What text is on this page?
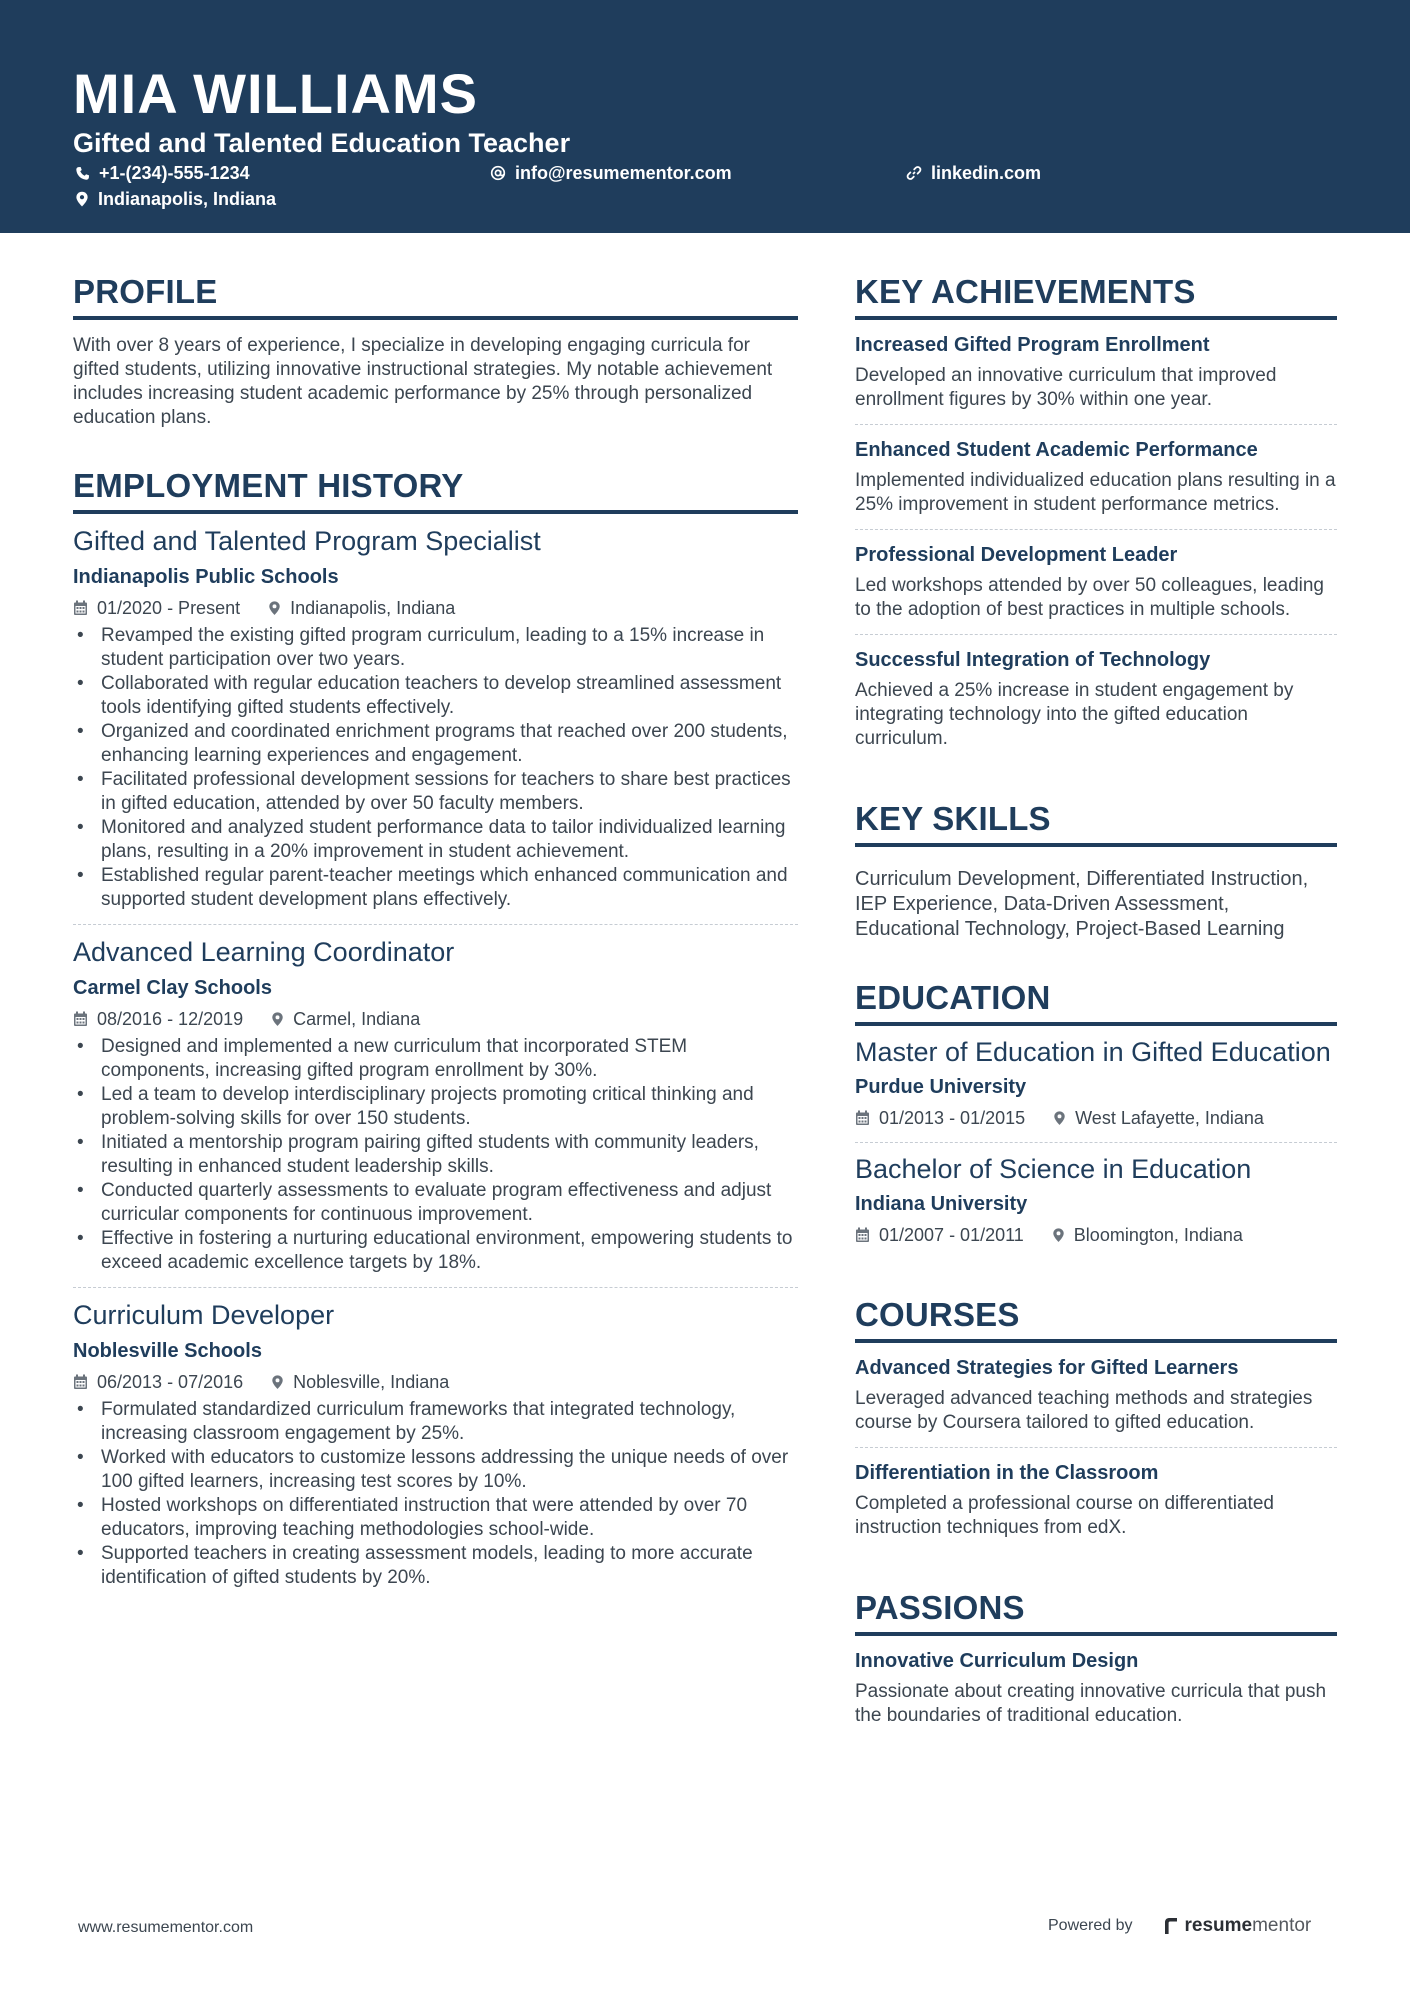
MIA WILLIAMS
Gifted and Talented Education Teacher
+1-(234)-555-1234	info@resumementor.com	linkedin.com
Indianapolis, Indiana
PROFILE
With over 8 years of experience, I specialize in developing engaging curricula for gifted students, utilizing innovative instructional strategies. My notable achievement includes increasing student academic performance by 25% through personalized education plans.
EMPLOYMENT HISTORY
Gifted and Talented Program Specialist
Indianapolis Public Schools
01/2020 - Present	Indianapolis, Indiana
• Revamped the existing gifted program curriculum, leading to a 15% increase in student participation over two years.
• Collaborated with regular education teachers to develop streamlined assessment tools identifying gifted students effectively.
• Organized and coordinated enrichment programs that reached over 200 students, enhancing learning experiences and engagement.
• Facilitated professional development sessions for teachers to share best practices in gifted education, attended by over 50 faculty members.
• Monitored and analyzed student performance data to tailor individualized learning plans, resulting in a 20% improvement in student achievement.
• Established regular parent-teacher meetings which enhanced communication and supported student development plans effectively.
Advanced Learning Coordinator
Carmel Clay Schools
08/2016 - 12/2019	Carmel, Indiana
• Designed and implemented a new curriculum that incorporated STEM components, increasing gifted program enrollment by 30%.
• Led a team to develop interdisciplinary projects promoting critical thinking and problem-solving skills for over 150 students.
• Initiated a mentorship program pairing gifted students with community leaders, resulting in enhanced student leadership skills.
• Conducted quarterly assessments to evaluate program effectiveness and adjust curricular components for continuous improvement.
• Effective in fostering a nurturing educational environment, empowering students to exceed academic excellence targets by 18%.
Curriculum Developer
Noblesville Schools
06/2013 - 07/2016	Noblesville, Indiana
• Formulated standardized curriculum frameworks that integrated technology, increasing classroom engagement by 25%.
• Worked with educators to customize lessons addressing the unique needs of over 100 gifted learners, increasing test scores by 10%.
• Hosted workshops on differentiated instruction that were attended by over 70 educators, improving teaching methodologies school-wide.
• Supported teachers in creating assessment models, leading to more accurate identification of gifted students by 20%.
KEY ACHIEVEMENTS
Increased Gifted Program Enrollment
Developed an innovative curriculum that improved enrollment figures by 30% within one year.
Enhanced Student Academic Performance
Implemented individualized education plans resulting in a 25% improvement in student performance metrics.
Professional Development Leader
Led workshops attended by over 50 colleagues, leading to the adoption of best practices in multiple schools.
Successful Integration of Technology
Achieved a 25% increase in student engagement by integrating technology into the gifted education curriculum.
KEY SKILLS
Curriculum Development, Differentiated Instruction, IEP Experience, Data-Driven Assessment, Educational Technology, Project-Based Learning
EDUCATION
Master of Education in Gifted Education
Purdue University
01/2013 - 01/2015	West Lafayette, Indiana
Bachelor of Science in Education
Indiana University
01/2007 - 01/2011	Bloomington, Indiana
COURSES
Advanced Strategies for Gifted Learners
Leveraged advanced teaching methods and strategies course by Coursera tailored to gifted education.
Differentiation in the Classroom
Completed a professional course on differentiated instruction techniques from edX.
PASSIONS
Innovative Curriculum Design
Passionate about creating innovative curricula that push the boundaries of traditional education.
www.resumementor.com	Powered by	resumementor
